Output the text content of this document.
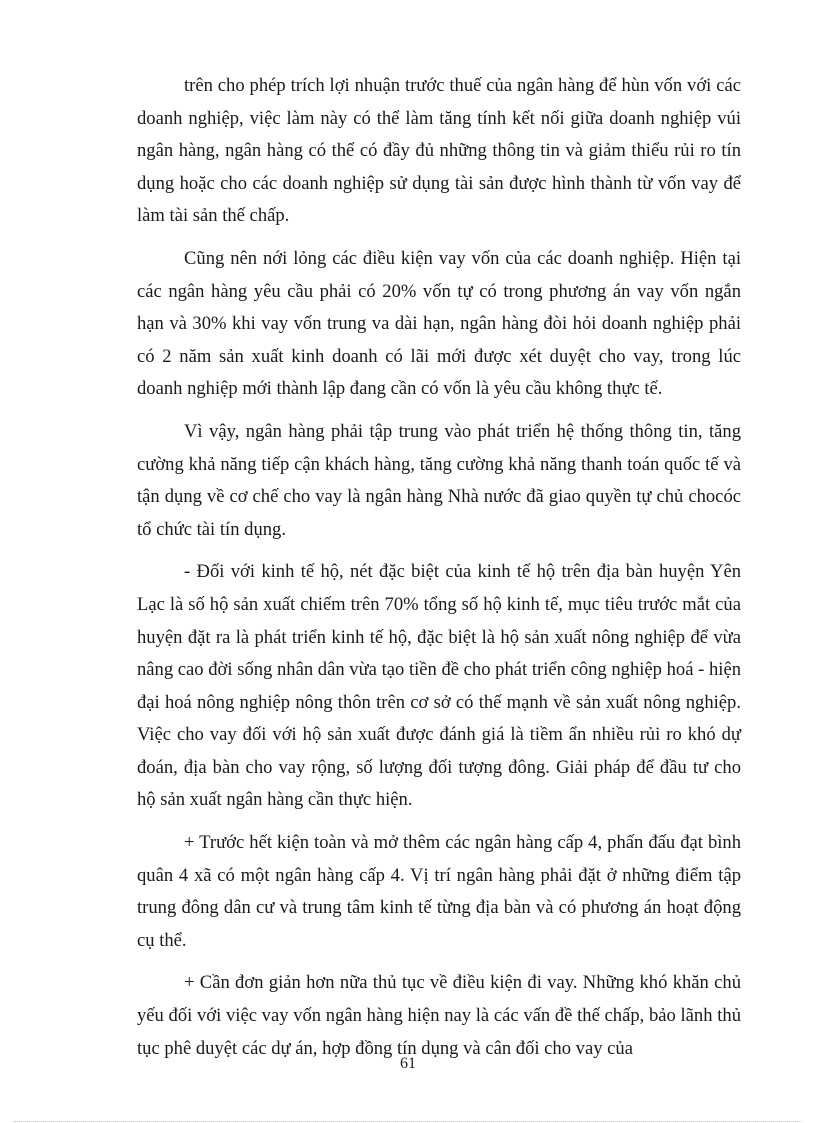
trên cho phép trích lợi nhuận trước thuế của ngân hàng để hùn vốn với các doanh nghiệp, việc làm này có thể làm tăng tính kết nối giữa doanh nghiệp vúi ngân hàng, ngân hàng có thể có đầy đủ những thông tin và giảm thiểu rủi ro tín dụng hoặc cho các doanh nghiệp sử dụng tài sản được hình thành từ vốn vay để làm tài sản thế chấp.

Cũng nên nới lỏng các điều kiện vay vốn của các doanh nghiệp. Hiện tại các ngân hàng yêu cầu phải có 20% vốn tự có trong phương án vay vốn ngắn hạn và 30% khi vay vốn trung va dài hạn, ngân hàng đòi hỏi doanh nghiệp phải có 2 năm sản xuất kinh doanh có lãi mới được xét duyệt cho vay, trong lúc doanh nghiệp mới thành lập đang cần có vốn là yêu cầu không thực tế.

Vì vậy, ngân hàng phải tập trung vào phát triển hệ thống thông tin, tăng cường khả năng tiếp cận khách hàng, tăng cường khả năng thanh toán quốc tế và tận dụng về cơ chế cho vay là ngân hàng Nhà nước đã giao quyền tự chủ chocóc tổ chức tài tín dụng.

- Đối với kinh tế hộ, nét đặc biệt của kinh tế hộ trên địa bàn huyện Yên Lạc là số hộ sản xuất chiếm trên 70% tổng số hộ kinh tế, mục tiêu trước mắt của huyện đặt ra là phát triển kinh tế hộ, đặc biệt là hộ sản xuất nông nghiệp để vừa nâng cao đời sống nhân dân vừa tạo tiền đề cho phát triển công nghiệp hoá - hiện đại hoá nông nghiệp nông thôn trên cơ sở có thế mạnh về sản xuất nông nghiệp. Việc cho vay đối với hộ sản xuất được đánh giá là tiềm ẩn nhiều rủi ro khó dự đoán, địa bàn cho vay rộng, số lượng đối tượng đông. Giải pháp để đầu tư cho hộ sản xuất ngân hàng cần thực hiện.

+ Trước hết kiện toàn và mở thêm các ngân hàng cấp 4, phấn đấu đạt bình quân 4 xã có một ngân hàng cấp 4. Vị trí ngân hàng phải đặt ở những điểm tập trung đông dân cư và trung tâm kinh tế từng địa bàn và có phương án hoạt động cụ thể.

+ Cần đơn giản hơn nữa thủ tục về điều kiện đi vay. Những khó khăn chủ yếu đối với việc vay vốn ngân hàng hiện nay là các vấn đề thế chấp, bảo lãnh thủ tục phê duyệt các dự án, hợp đồng tín dụng và cân đối cho vay của

61
